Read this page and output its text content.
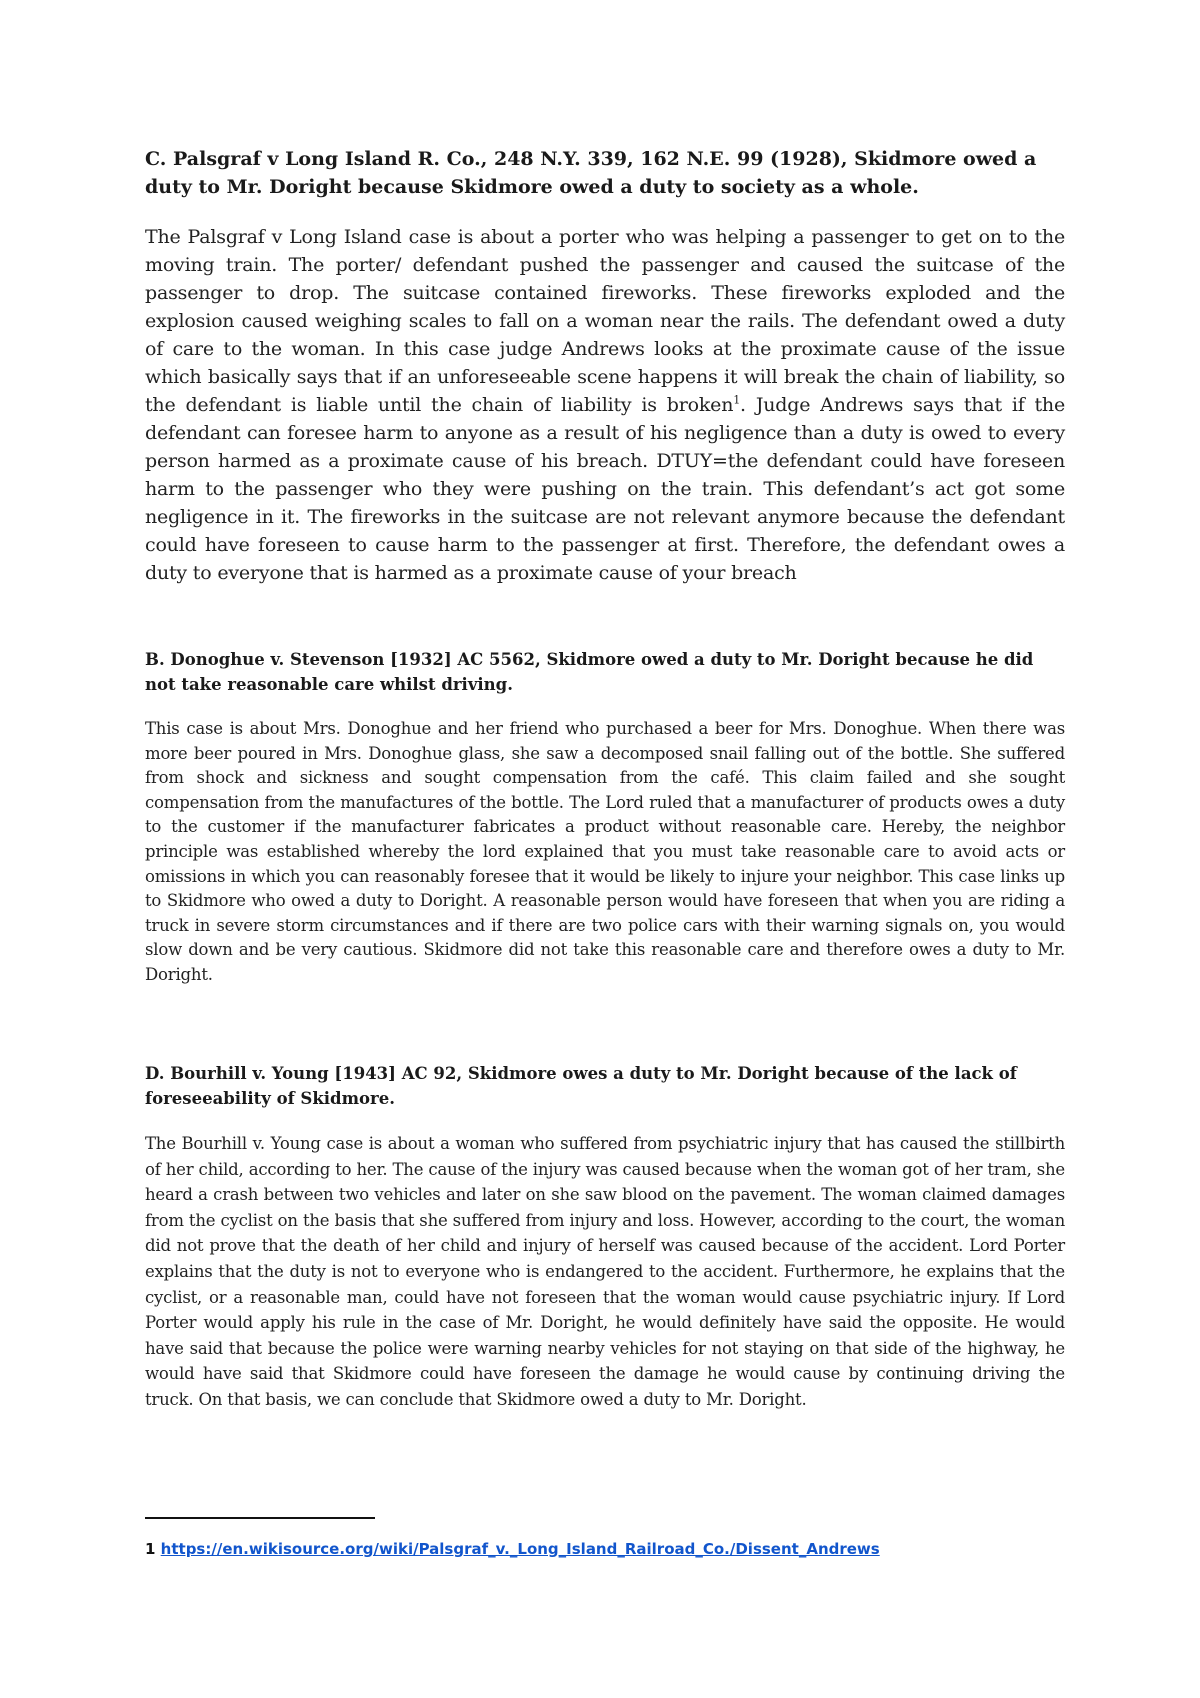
C. Palsgraf v Long Island R. Co., 248 N.Y. 339, 162 N.E. 99 (1928), Skidmore owed a duty to Mr. Doright because Skidmore owed a duty to society as a whole.

The Palsgraf v Long Island case is about a porter who was helping a passenger to get on to the moving train. The porter/ defendant pushed the passenger and caused the suitcase of the passenger to drop. The suitcase contained fireworks. These fireworks exploded and the explosion caused weighing scales to fall on a woman near the rails. The defendant owed a duty of care to the woman. In this case judge Andrews looks at the proximate cause of the issue which basically says that if an unforeseeable scene happens it will break the chain of liability, so the defendant is liable until the chain of liability is broken$^1$. Judge Andrews says that if the defendant can foresee harm to anyone as a result of his negligence than a duty is owed to every person harmed as a proximate cause of his breach. DTUY=the defendant could have foreseen harm to the passenger who they were pushing on the train. This defendant’s act got some negligence in it. The fireworks in the suitcase are not relevant anymore because the defendant could have foreseen to cause harm to the passenger at first. Therefore, the defendant owes a duty to everyone that is harmed as a proximate cause of your breach

B. Donoghue v. Stevenson [1932] AC 5562, Skidmore owed a duty to Mr. Doright because he did not take reasonable care whilst driving.

This case is about Mrs. Donoghue and her friend who purchased a beer for Mrs. Donoghue. When there was more beer poured in Mrs. Donoghue glass, she saw a decomposed snail falling out of the bottle. She suffered from shock and sickness and sought compensation from the café. This claim failed and she sought compensation from the manufactures of the bottle. The Lord ruled that a manufacturer of products owes a duty to the customer if the manufacturer fabricates a product without reasonable care. Hereby, the neighbor principle was established whereby the lord explained that you must take reasonable care to avoid acts or omissions in which you can reasonably foresee that it would be likely to injure your neighbor. This case links up to Skidmore who owed a duty to Doright. A reasonable person would have foreseen that when you are riding a truck in severe storm circumstances and if there are two police cars with their warning signals on, you would slow down and be very cautious. Skidmore did not take this reasonable care and therefore owes a duty to Mr. Doright.

D. Bourhill v. Young [1943] AC 92, Skidmore owes a duty to Mr. Doright because of the lack of foreseeability of Skidmore.

The Bourhill v. Young case is about a woman who suffered from psychiatric injury that has caused the stillbirth of her child, according to her. The cause of the injury was caused because when the woman got of her tram, she heard a crash between two vehicles and later on she saw blood on the pavement. The woman claimed damages from the cyclist on the basis that she suffered from injury and loss. However, according to the court, the woman did not prove that the death of her child and injury of herself was caused because of the accident. Lord Porter explains that the duty is not to everyone who is endangered to the accident. Furthermore, he explains that the cyclist, or a reasonable man, could have not foreseen that the woman would cause psychiatric injury. If Lord Porter would apply his rule in the case of Mr. Doright, he would definitely have said the opposite. He would have said that because the police were warning nearby vehicles for not staying on that side of the highway, he would have said that Skidmore could have foreseen the damage he would cause by continuing driving the truck. On that basis, we can conclude that Skidmore owed a duty to Mr. Doright.

1 https://en.wikisource.org/wiki/Palsgraf_v._Long_Island_Railroad_Co./Dissent_Andrews
